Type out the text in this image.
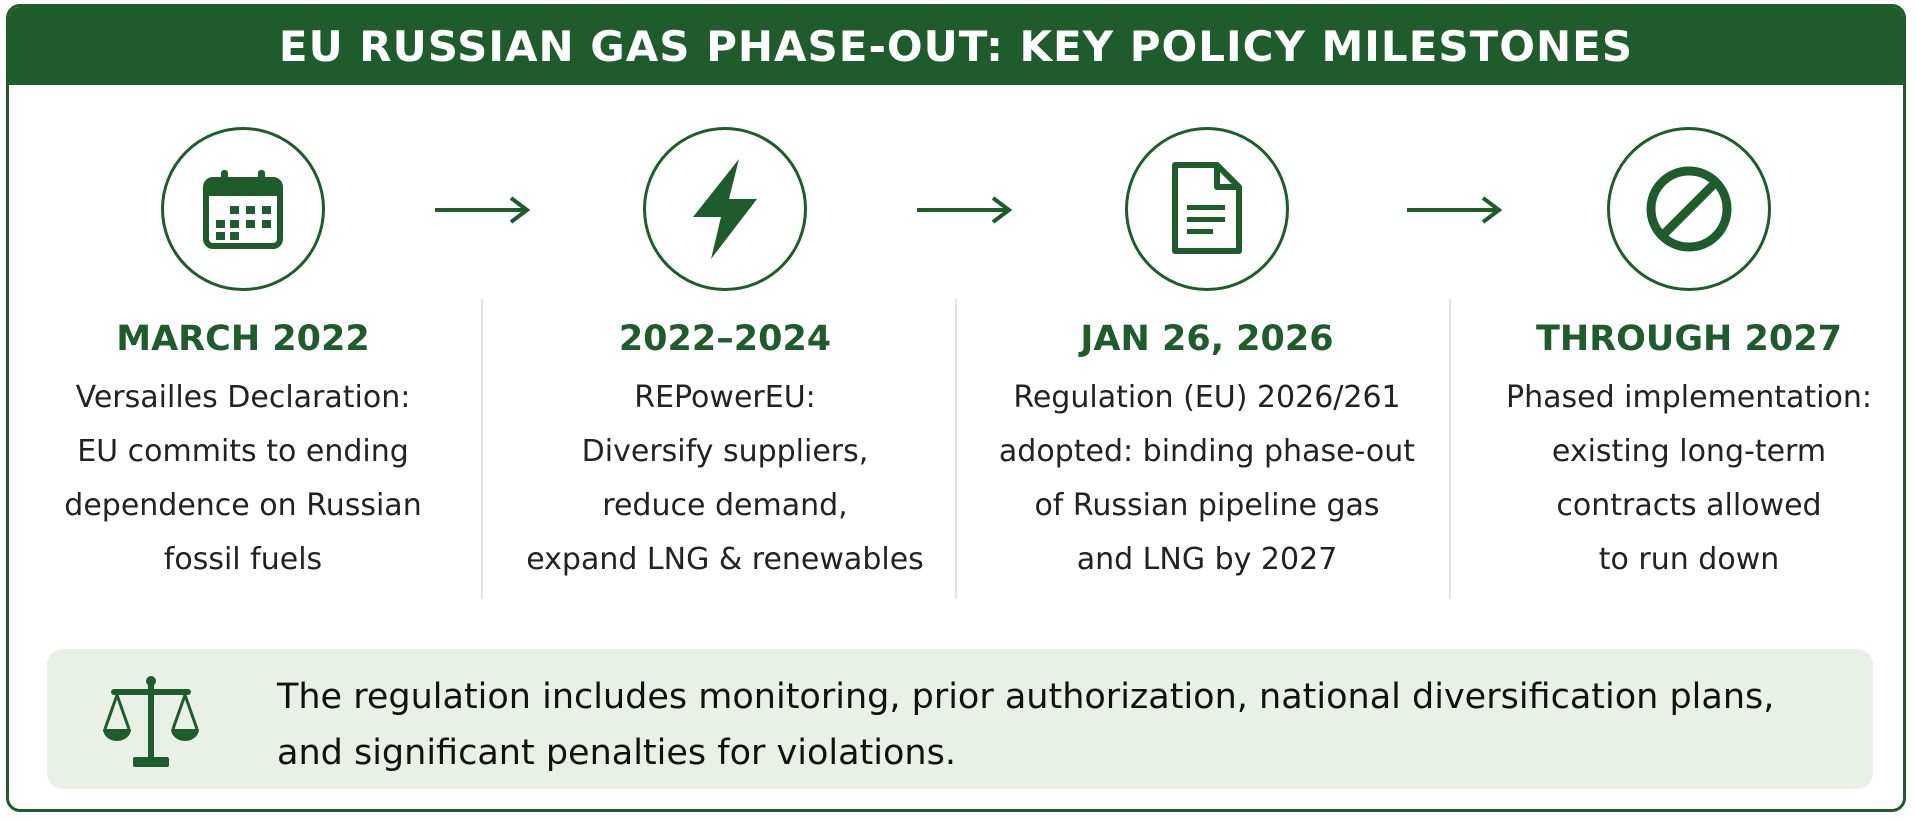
EU RUSSIAN GAS PHASE-OUT: KEY POLICY MILESTONES
MARCH 2022
Versailles Declaration:
EU commits to ending
dependence on Russian
fossil fuels
2022–2024
REPowerEU:
Diversify suppliers,
reduce demand,
expand LNG & renewables
JAN 26, 2026
Regulation (EU) 2026/261
adopted: binding phase-out
of Russian pipeline gas
and LNG by 2027
THROUGH 2027
Phased implementation:
existing long-term
contracts allowed
to run down
The regulation includes monitoring, prior authorization, national diversification plans,
and significant penalties for violations.
